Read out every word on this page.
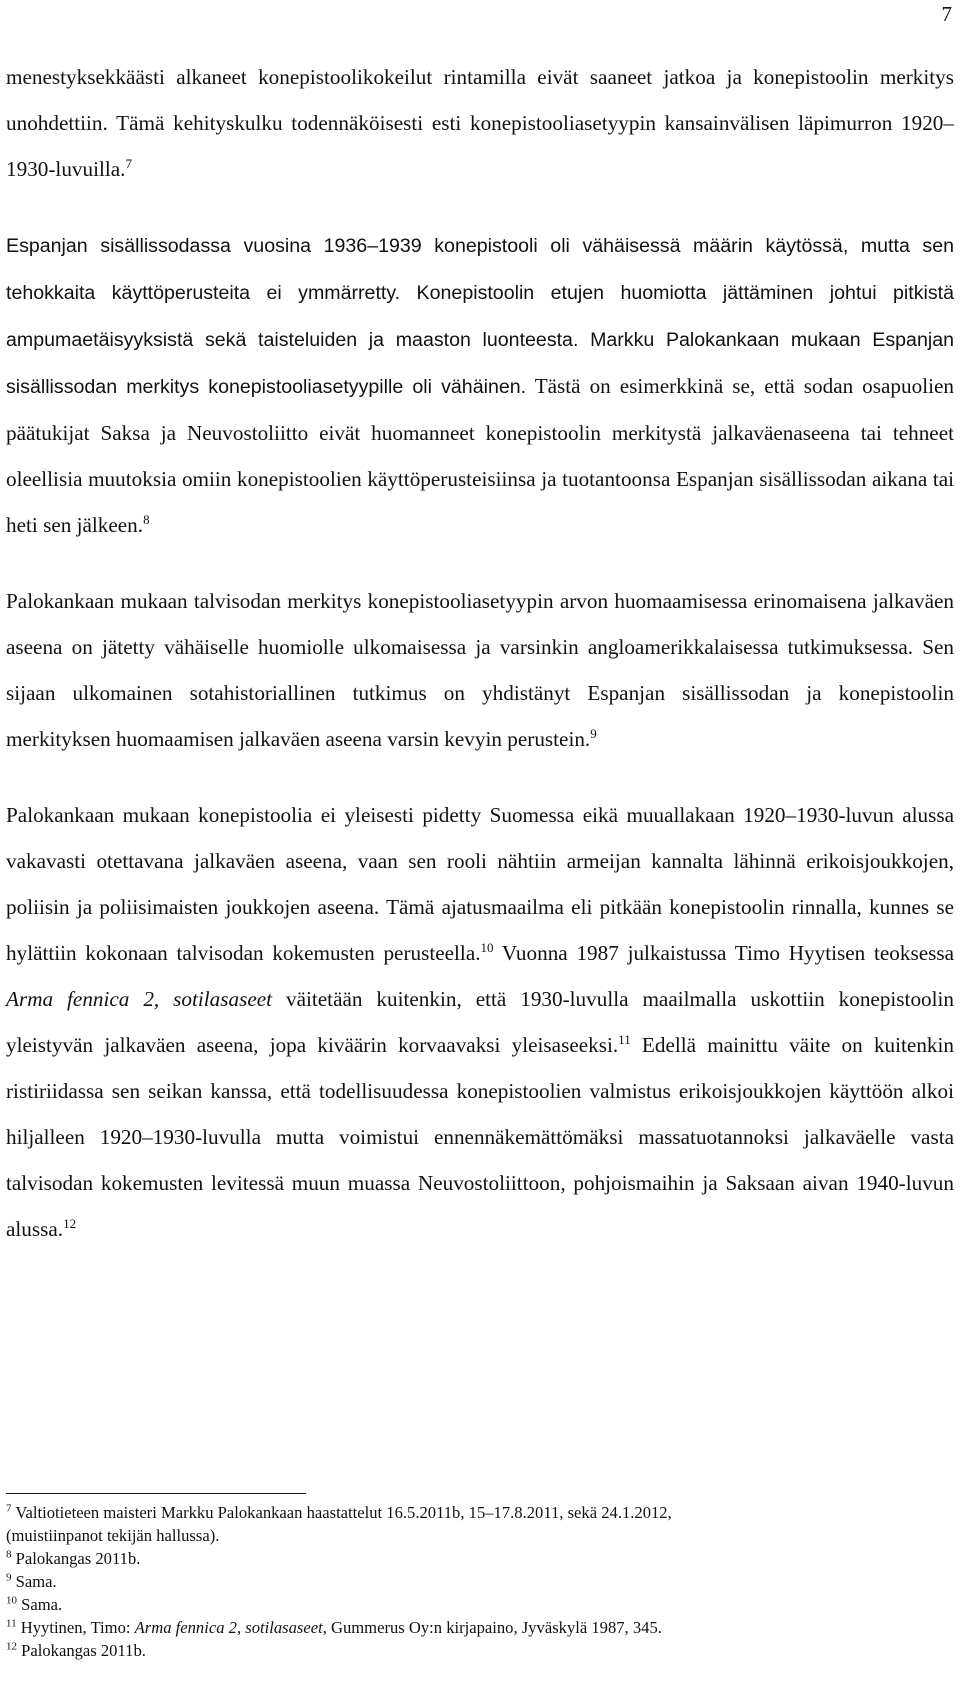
7

menestyksekkäästi alkaneet konepistoolikokeilut rintamilla eivät saaneet jatkoa ja konepistoolin merkitys unohdettiin. Tämä kehityskulku todennäköisesti esti konepistooliasetyypin kansainvälisen läpimurron 1920–1930-luvuilla.$^7$

Espanjan sisällissodassa vuosina 1936–1939 konepistooli oli vähäisessä määrin käytössä, mutta sen tehokkaita käyttöperusteita ei ymmärretty. Konepistoolin etujen huomiotta jättäminen johtui pitkistä ampumaetäisyyksistä sekä taisteluiden ja maaston luonteesta. Markku Palokankaan mukaan Espanjan sisällissodan merkitys konepistooliasetyypille oli vähäinen. Tästä on esimerkkinä se, että sodan osapuolien päätukijat Saksa ja Neuvostoliitto eivät huomanneet konepistoolin merkitystä jalkaväenaseena tai tehneet oleellisia muutoksia omiin konepistoolien käyttöperusteisiinsa ja tuotantoonsa Espanjan sisällissodan aikana tai heti sen jälkeen.$^8$

Palokankaan mukaan talvisodan merkitys konepistooliasetyypin arvon huomaamisessa erinomaisena jalkaväen aseena on jätetty vähäiselle huomiolle ulkomaisessa ja varsinkin angloamerikkalaisessa tutkimuksessa. Sen sijaan ulkomainen sotahistoriallinen tutkimus on yhdistänyt Espanjan sisällissodan ja konepistoolin merkityksen huomaamisen jalkaväen aseena varsin kevyin perustein.$^9$

Palokankaan mukaan konepistoolia ei yleisesti pidetty Suomessa eikä muuallakaan 1920–1930-luvun alussa vakavasti otettavana jalkaväen aseena, vaan sen rooli nähtiin armeijan kannalta lähinnä erikoisjoukkojen, poliisin ja poliisimaisten joukkojen aseena. Tämä ajatusmaailma eli pitkään konepistoolin rinnalla, kunnes se hylättiin kokonaan talvisodan kokemusten perusteella.$^{10}$ Vuonna 1987 julkaistussa Timo Hyytisen teoksessa Arma fennica 2, sotilasaseet väitetään kuitenkin, että 1930-luvulla maailmalla uskottiin konepistoolin yleistyvän jalkaväen aseena, jopa kiväärin korvaavaksi yleisaseeksi.$^{11}$ Edellä mainittu väite on kuitenkin ristiriidassa sen seikan kanssa, että todellisuudessa konepistoolien valmistus erikoisjoukkojen käyttöön alkoi hiljalleen 1920–1930-luvulla mutta voimistui ennennäkemättömäksi massatuotannoksi jalkaväelle vasta talvisodan kokemusten levitessä muun muassa Neuvostoliittoon, pohjoismaihin ja Saksaan aivan 1940-luvun alussa.$^{12}$

$^7$ Valtiotieteen maisteri Markku Palokankaan haastattelut 16.5.2011b, 15–17.8.2011, sekä 24.1.2012,

(muistiinpanot tekijän hallussa).

$^8$ Palokangas 2011b.

$^9$ Sama.

$^{10}$ Sama.

$^{11}$ Hyytinen, Timo: Arma fennica 2, sotilasaseet, Gummerus Oy:n kirjapaino, Jyväskylä 1987, 345.

$^{12}$ Palokangas 2011b.
